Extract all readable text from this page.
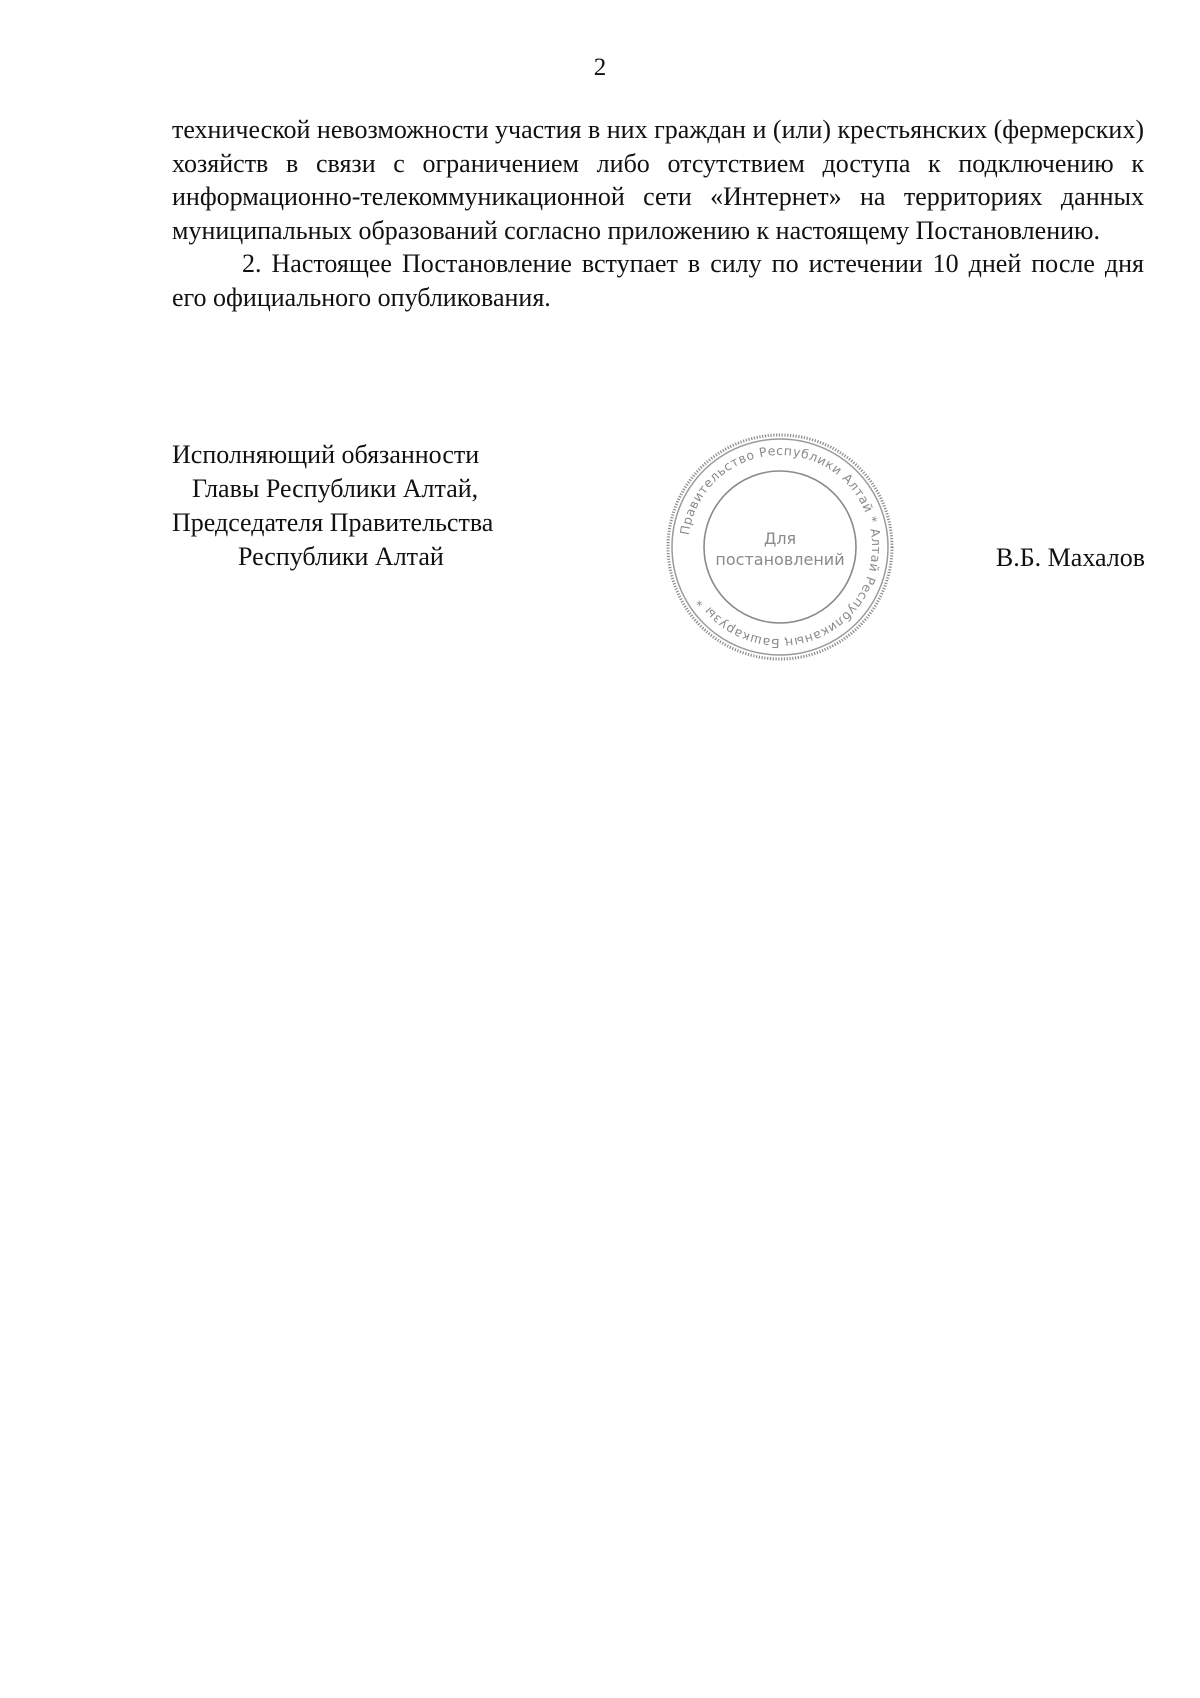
2

технической невозможности участия в них граждан и (или) крестьянских (фермерских) хозяйств в связи с ограничением либо отсутствием доступа к подключению к информационно-телекоммуникационной сети «Интернет» на территориях данных муниципальных образований согласно приложению к настоящему Постановлению.

2. Настоящее Постановление вступает в силу по истечении 10 дней после дня его официального опубликования.

Исполняющий обязанности
Главы Республики Алтай,
Председателя Правительства
Республики Алтай
Правительство Республики Алтай * Алтай Республиканың Башкарузы *
Для
постановлений	В.Б. Махалов
